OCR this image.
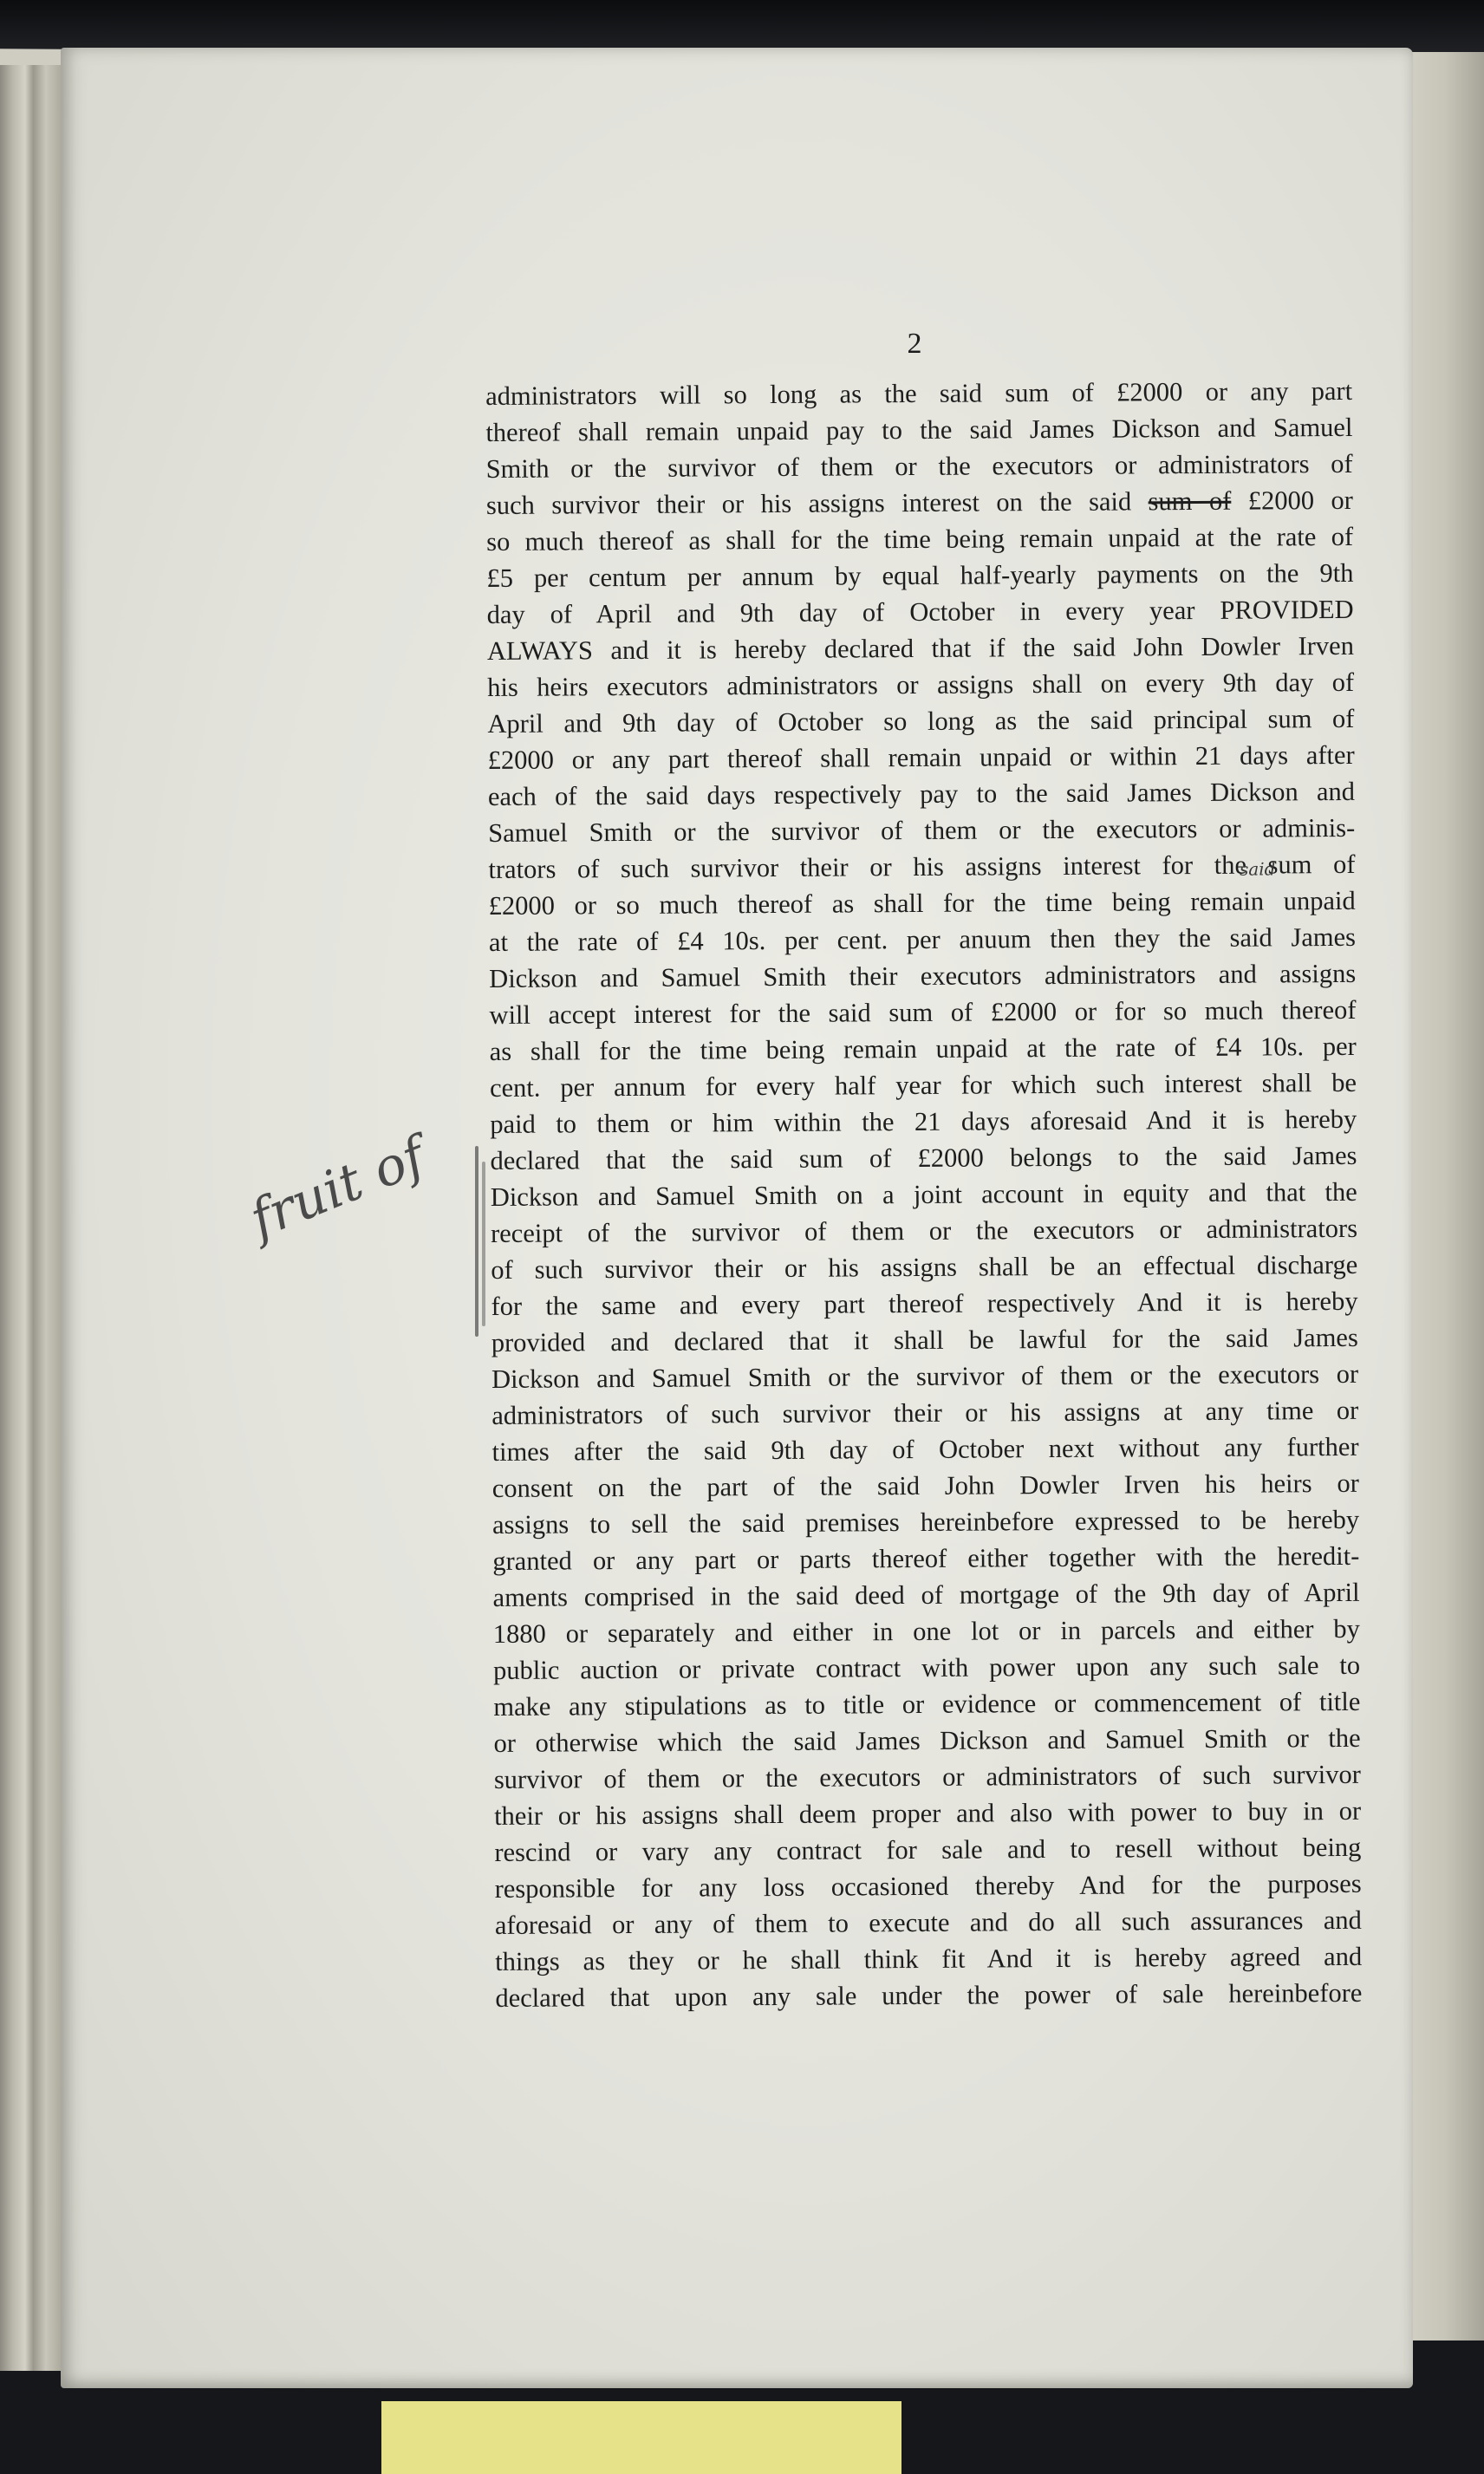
2
fruit of
administrators will so long as the said sum of £2000 or any part
thereof shall remain unpaid pay to the said James Dickson and Samuel
Smith or the survivor of them or the executors or administrators of
such survivor their or his assigns interest on the said sum of £2000 or
so much thereof as shall for the time being remain unpaid at the rate of
£5 per centum per annum by equal half-yearly payments on the 9th
day of April and 9th day of October in every year PROVIDED
ALWAYS and it is hereby declared that if the said John Dowler Irven
his heirs executors administrators or assigns shall on every 9th day of
April and 9th day of October so long as the said principal sum of
£2000 or any part thereof shall remain unpaid or within 21 days after
each of the said days respectively pay to the said James Dickson and
Samuel Smith or the survivor of them or the executors or adminis-
trators of such survivor their or his assigns interest for the
said
sum of
£2000 or so much thereof as shall for the time being remain unpaid
at the rate of £4 10s. per cent. per anuum then they the said James
Dickson and Samuel Smith their executors administrators and assigns
will accept interest for the said sum of £2000 or for so much thereof
as shall for the time being remain unpaid at the rate of £4 10s. per
cent. per annum for every half year for which such interest shall be
paid to them or him within the 21 days aforesaid And it is hereby
declared that the said sum of £2000 belongs to the said James
Dickson and Samuel Smith on a joint account in equity and that the
receipt of the survivor of them or the executors or administrators
of such survivor their or his assigns shall be an effectual discharge
for the same and every part thereof respectively And it is hereby
provided and declared that it shall be lawful for the said James
Dickson and Samuel Smith or the survivor of them or the executors or
administrators of such survivor their or his assigns at any time or
times after the said 9th day of October next without any further
consent on the part of the said John Dowler Irven his heirs or
assigns to sell the said premises hereinbefore expressed to be hereby
granted or any part or parts thereof either together with the heredit-
aments comprised in the said deed of mortgage of the 9th day of April
1880 or separately and either in one lot or in parcels and either by
public auction or private contract with power upon any such sale to
make any stipulations as to title or evidence or commencement of title
or otherwise which the said James Dickson and Samuel Smith or the
survivor of them or the executors or administrators of such survivor
their or his assigns shall deem proper and also with power to buy in or
rescind or vary any contract for sale and to resell without being
responsible for any loss occasioned thereby And for the purposes
aforesaid or any of them to execute and do all such assurances and
things as they or he shall think fit And it is hereby agreed and
declared that upon any sale under the power of sale hereinbefore
